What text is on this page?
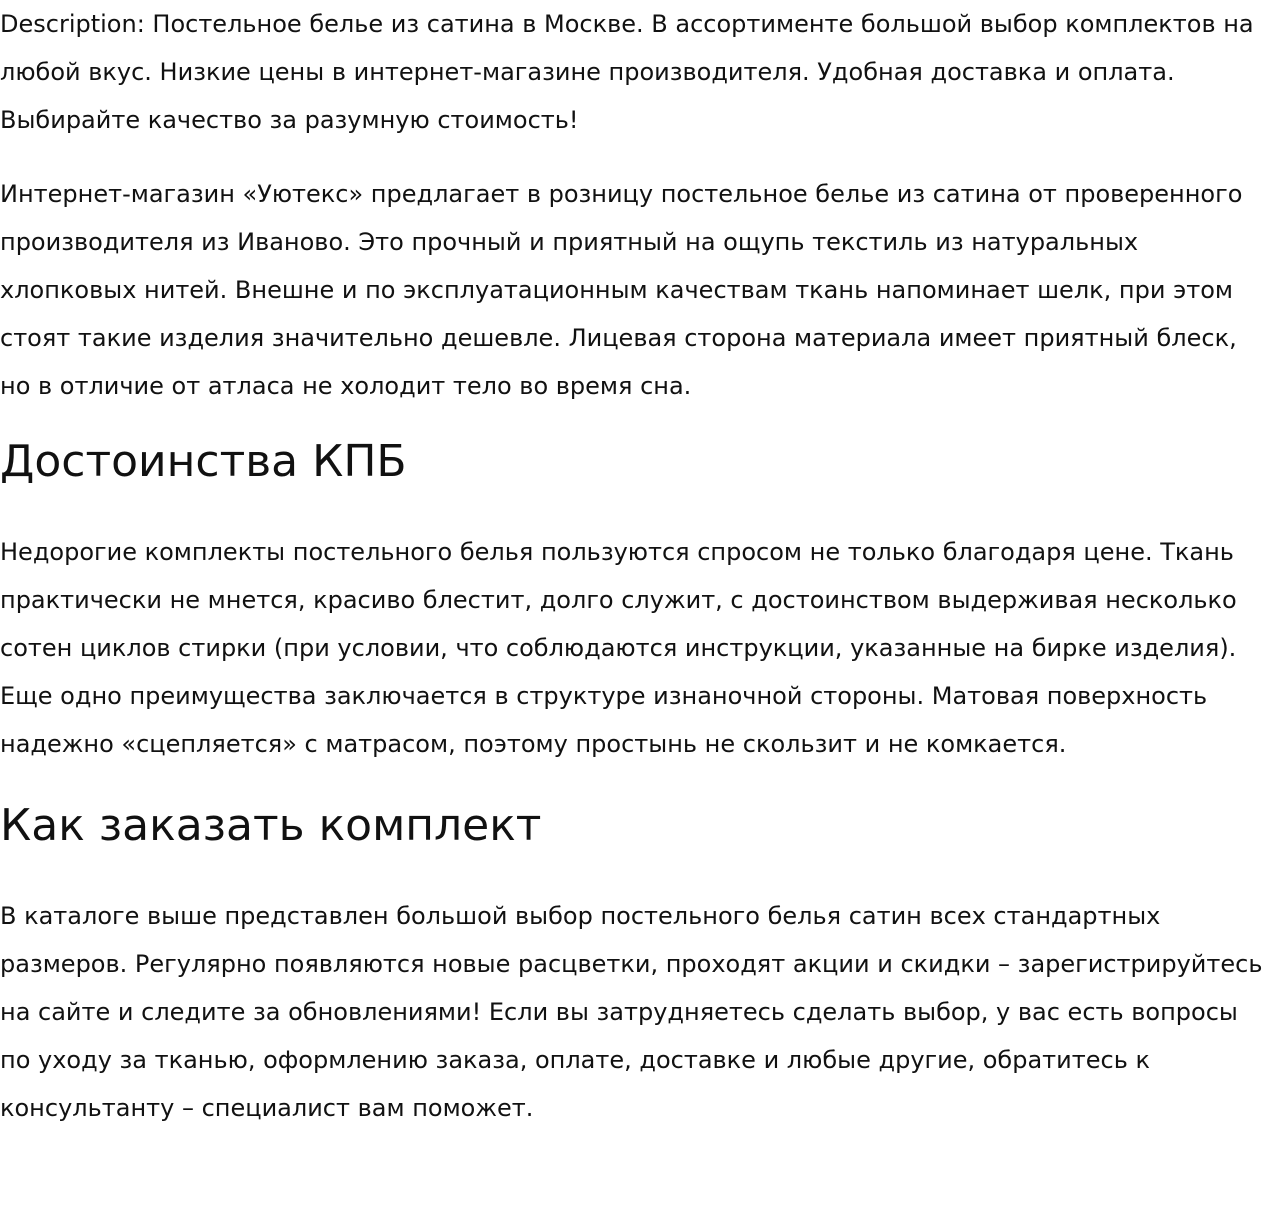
Description: Постельное белье из сатина в Москве. В ассортименте большой выбор комплектов на любой вкус. Низкие цены в интернет-магазине производителя. Удобная доставка и оплата. Выбирайте качество за разумную стоимость!

Интернет-магазин «Уютекс» предлагает в розницу постельное белье из сатина от проверенного производителя из Иваново. Это прочный и приятный на ощупь текстиль из натуральных хлопковых нитей. Внешне и по эксплуатационным качествам ткань напоминает шелк, при этом стоят такие изделия значительно дешевле. Лицевая сторона материала имеет приятный блеск, но в отличие от атласа не холодит тело во время сна.

Достоинства КПБ

Недорогие комплекты постельного белья пользуются спросом не только благодаря цене. Ткань практически не мнется, красиво блестит, долго служит, с достоинством выдерживая несколько сотен циклов стирки (при условии, что соблюдаются инструкции, указанные на бирке изделия). Еще одно преимущества заключается в структуре изнаночной стороны. Матовая поверхность надежно «сцепляется» с матрасом, поэтому простынь не скользит и не комкается.

Как заказать комплект

В каталоге выше представлен большой выбор постельного белья сатин всех стандартных размеров. Регулярно появляются новые расцветки, проходят акции и скидки – зарегистрируйтесь на сайте и следите за обновлениями! Если вы затрудняетесь сделать выбор, у вас есть вопросы по уходу за тканью, оформлению заказа, оплате, доставке и любые другие, обратитесь к консультанту – специалист вам поможет.
